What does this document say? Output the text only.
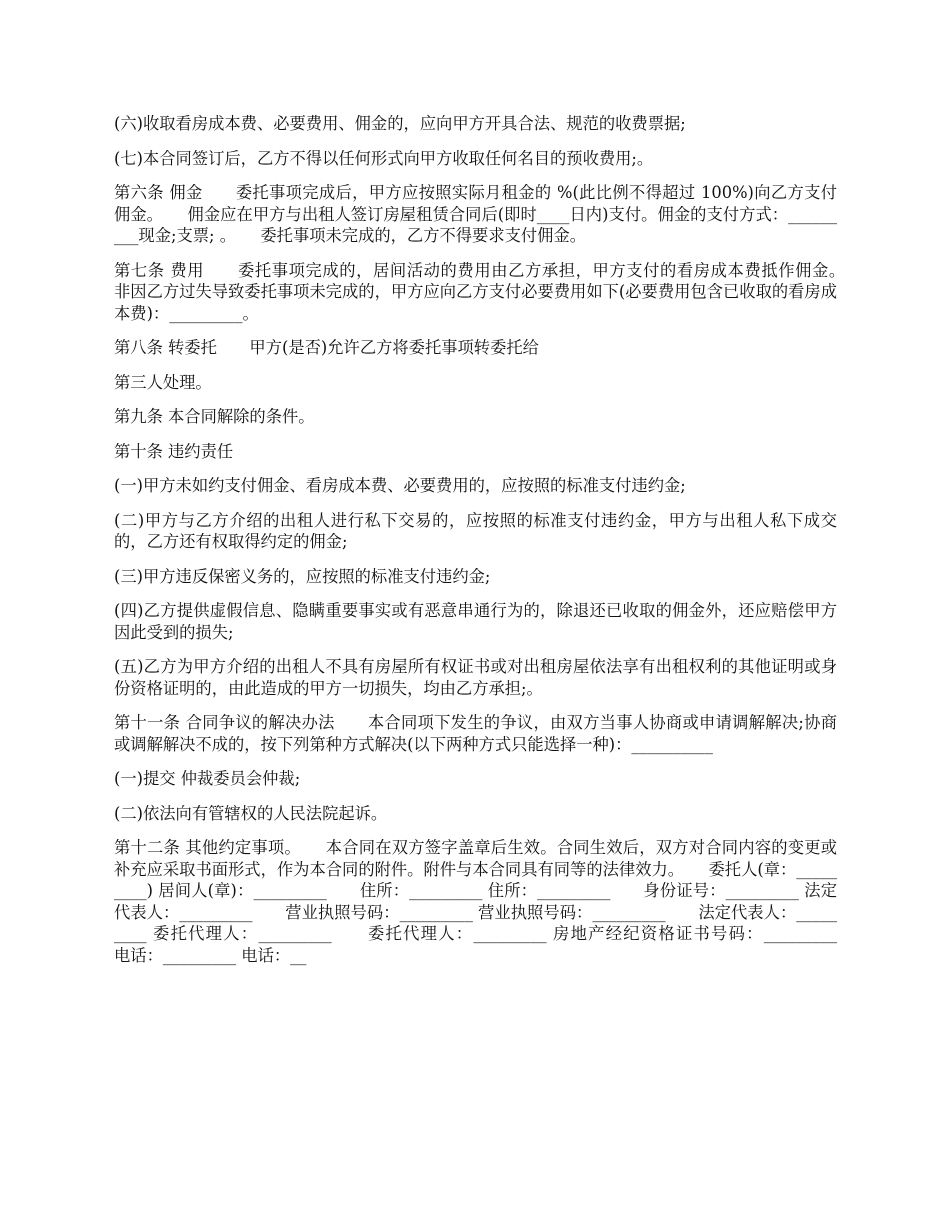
(六)收取看房成本费、必要费用、佣金的，应向甲方开具合法、规范的收费票据;

(七)本合同签订后，乙方不得以任何形式向甲方收取任何名目的预收费用;。

第六条 佣金　　委托事项完成后，甲方应按照实际月租金的 %(此比例不得超过 100%)向乙方支付佣金。　　佣金应在甲方与出租人签订房屋租赁合同后(即时____日内)支付。佣金的支付方式：_________现金;支票; 。　　委托事项未完成的，乙方不得要求支付佣金。

第七条 费用　　委托事项完成的，居间活动的费用由乙方承担，甲方支付的看房成本费抵作佣金。　　非因乙方过失导致委托事项未完成的，甲方应向乙方支付必要费用如下(必要费用包含已收取的看房成本费)：_________。

第八条 转委托　　甲方(是否)允许乙方将委托事项转委托给

第三人处理。

第九条 本合同解除的条件。

第十条 违约责任

(一)甲方未如约支付佣金、看房成本费、必要费用的，应按照的标准支付违约金;

(二)甲方与乙方介绍的出租人进行私下交易的，应按照的标准支付违约金，甲方与出租人私下成交的，乙方还有权取得约定的佣金;

(三)甲方违反保密义务的，应按照的标准支付违约金;

(四)乙方提供虚假信息、隐瞒重要事实或有恶意串通行为的，除退还已收取的佣金外，还应赔偿甲方因此受到的损失;

(五)乙方为甲方介绍的出租人不具有房屋所有权证书或对出租房屋依法享有出租权利的其他证明或身份资格证明的，由此造成的甲方一切损失，均由乙方承担;。

第十一条 合同争议的解决办法　　本合同项下发生的争议，由双方当事人协商或申请调解解决;协商或调解解决不成的，按下列第种方式解决(以下两种方式只能选择一种)：__________

(一)提交 仲裁委员会仲裁;

(二)依法向有管辖权的人民法院起诉。

第十二条 其他约定事项。　　本合同在双方签字盖章后生效。合同生效后，双方对合同内容的变更或补充应采取书面形式，作为本合同的附件。附件与本合同具有同等的法律效力。　　委托人(章：_________) 居间人(章)：_________　　住所：_________ 住所：_________　　身份证号：_________ 法定代表人：_________　　营业执照号码：_________ 营业执照号码：_________　　法定代表人：_________ 委托代理人：_________　　委托代理人：_________ 房地产经纪资格证书号码：_________　　电话：_________ 电话：__
